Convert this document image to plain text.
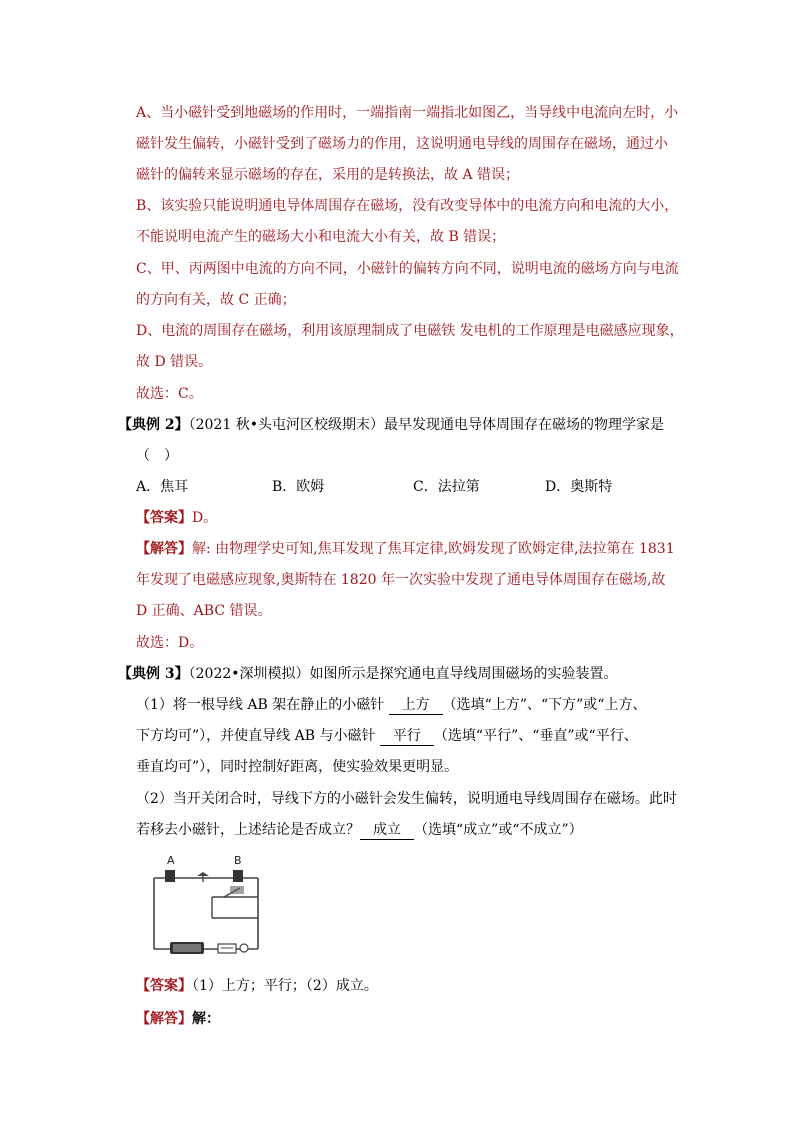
A、当小磁针受到地磁场的作用时，一端指南一端指北如图乙，当导线中电流向左时，小
磁针发生偏转，小磁针受到了磁场力的作用，这说明通电导线的周围存在磁场，通过小
磁针的偏转来显示磁场的存在，采用的是转换法，故 A 错误；
B、该实验只能说明通电导体周围存在磁场，没有改变导体中的电流方向和电流的大小，
不能说明电流产生的磁场大小和电流大小有关，故 B 错误；
C、甲、丙两图中电流的方向不同，小磁针的偏转方向不同，说明电流的磁场方向与电流
的方向有关，故 C 正确；
D、电流的周围存在磁场，利用该原理制成了电磁铁 发电机的工作原理是电磁感应现象，
故 D 错误。
故选：C。
【典例 2】（2021 秋•头屯河区校级期末）最早发现通电导体周围存在磁场的物理学家是
（　）
A．焦耳	B．欧姆	C．法拉第	D．奥斯特
【答案】D。
【解答】解: 由物理学史可知,焦耳发现了焦耳定律,欧姆发现了欧姆定律,法拉第在 1831
年发现了电磁感应现象,奥斯特在 1820 年一次实验中发现了通电导体周围存在磁场,故
D 正确、ABC 错误。
故选：D。
【典例 3】（2022•深圳模拟）如图所示是探究通电直导线周围磁场的实验装置。
（1）将一根导线 AB 架在静止的小磁针 上方 （选填“上方”、“下方”或“上方、
下方均可”），并使直导线 AB 与小磁针 平行 （选填“平行”、“垂直”或“平行、
垂直均可”），同时控制好距离，使实验效果更明显。
（2）当开关闭合时，导线下方的小磁针会发生偏转，说明通电导线周围存在磁场。此时
若移去小磁针，上述结论是否成立？ 成立 （选填“成立”或“不成立”）
A	B
【答案】（1）上方；平行；（2）成立。
【解答】解：
